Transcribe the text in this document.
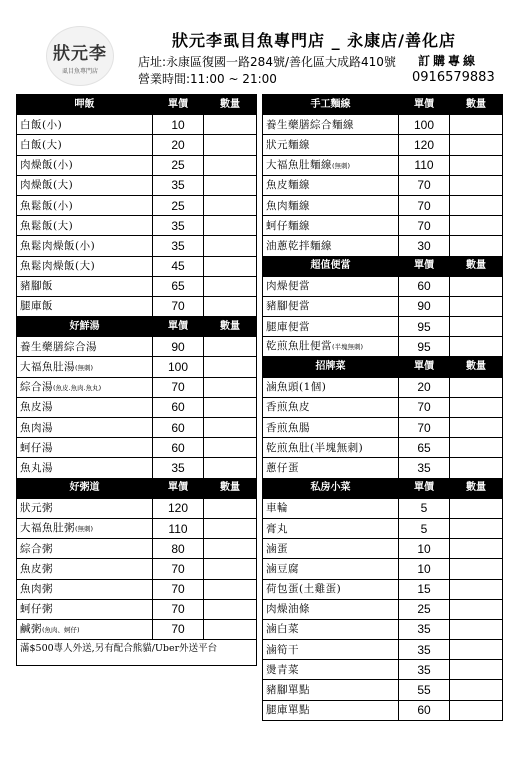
狀元李
虱目魚專門店
狀元李虱目魚專門店 _ 永康店/善化店
店址:永康區復國一路284號/善化區大成路410號
營業時間:11:00 ~ 21:00
訂購專線
0916579883
呷飯	單價	數量
白飯(小)	10	
白飯(大)	20	
肉燥飯(小)	25	
肉燥飯(大)	35	
魚鬆飯(小)	25	
魚鬆飯(大)	35	
魚鬆肉燥飯(小)	35	
魚鬆肉燥飯(大)	45	
豬腳飯	65	
腿庫飯	70	
好鮮湯	單價	數量
養生藥膳綜合湯	90	
大福魚肚湯(無刺)	100	
綜合湯(魚皮.魚肉.魚丸)	70	
魚皮湯	60	
魚肉湯	60	
蚵仔湯	60	
魚丸湯	35	
好粥道	單價	數量
狀元粥	120	
大福魚肚粥(無刺)	110	
綜合粥	80	
魚皮粥	70	
魚肉粥	70	
蚵仔粥	70	
鹹粥(魚肉、蚵仔)	70	
滿$500專人外送,另有配合熊貓/Uber外送平台		
手工麵線	單價	數量
養生藥膳綜合麵線	100	
狀元麵線	120	
大福魚肚麵線(無刺)	110	
魚皮麵線	70	
魚肉麵線	70	
蚵仔麵線	70	
油蔥乾拌麵線	30	
超值便當	單價	數量
肉燥便當	60	
豬腳便當	90	
腿庫便當	95	
乾煎魚肚便當(半塊無刺)	95	
招牌菜	單價	數量
滷魚頭(1個)	20	
香煎魚皮	70	
香煎魚腸	70	
乾煎魚肚(半塊無刺)	65	
蔥仔蛋	35	
私房小菜	單價	數量
車輪	5	
膏丸	5	
滷蛋	10	
滷豆腐	10	
荷包蛋(土雞蛋)	15	
肉燥油條	25	
滷白菜	35	
滷筍干	35	
燙青菜	35	
豬腳單點	55	
腿庫單點	60	
